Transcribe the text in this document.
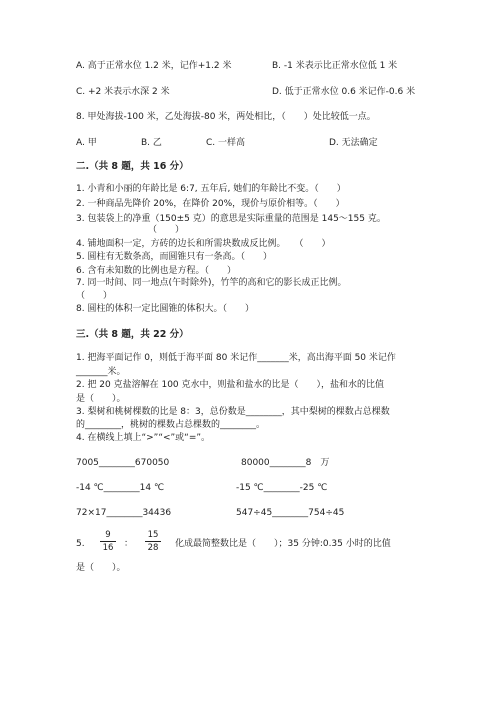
A. 高于正常水位 1.2 米，记作+1.2 米	B. -1 米表示比正常水位低 1 米
C. +2 米表示水深 2 米	D. 低于正常水位 0.6 米记作-0.6 米
8. 甲处海拔-100 米，乙处海拔-80 米，两处相比，（　　）处比较低一点。
A. 甲	B. 乙	C. 一样高	D. 无法确定
二.（共 8 题，共 16 分）
1. 小青和小丽的年龄比是 6:7, 五年后, 她们的年龄比不变。（　　）
2. 一种商品先降价 20%，在降价 20%，现价与原价相等。（　　）
3. 包装袋上的净重（150±5 克）的意思是实际重量的范围是 145～155 克。
（　　）
4. 铺地面积一定，方砖的边长和所需块数成反比例。　　（　　）
5. 圆柱有无数条高，而圆锥只有一条高。（　　）
6. 含有未知数的比例也是方程。（　　）
7. 同一时间、同一地点(午时除外)，竹竿的高和它的影长成正比例。
（　　）
8. 圆柱的体积一定比圆锥的体积大。（　　）
三.（共 8 题，共 22 分）
1. 把海平面记作 0，则低于海平面 80 米记作_______米，高出海平面 50 米记作
_______米。
2. 把 20 克盐溶解在 100 克水中，则盐和盐水的比是（　　），盐和水的比值
是（　　）。
3. 梨树和桃树棵数的比是 8：3，总份数是________，其中梨树的棵数占总棵数
的________，桃树的棵数占总棵数的________。
4. 在横线上填上“>”“<”或“=”。
7005________670050	80000________8　万
-14 ℃________14 ℃	-15 ℃________-25 ℃
72×17________34436	547÷45________754÷45
5. $\frac{9}{16}$ ： $\frac{15}{28}$ 化成最简整数比是（　　）；35 分钟:0.35 小时的比值
是（　　）。
